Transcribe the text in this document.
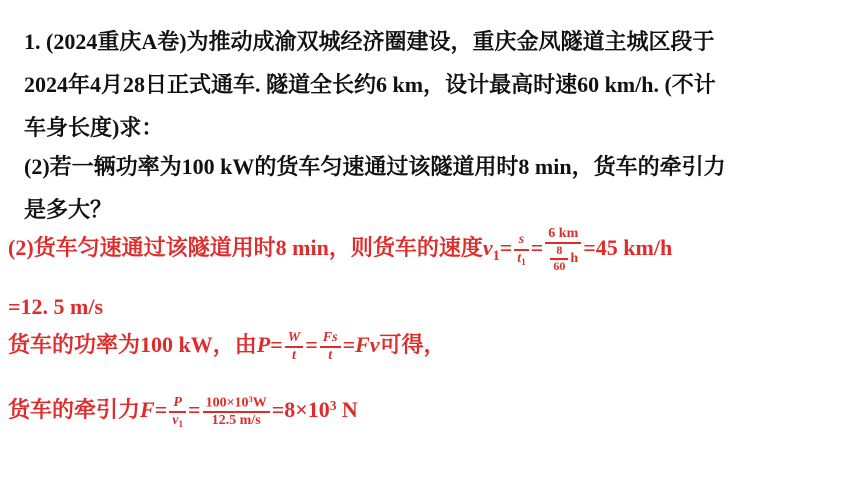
1. (2024重庆A卷)为推动成渝双城经济圈建设，重庆金凤隧道主城区段于
2024年4月28日正式通车. 隧道全长约6 km，设计最高时速60 km/h. (不计
车身长度)求：
(2)若一辆功率为100 kW的货车匀速通过该隧道用时8 min，货车的牵引力
是多大？
(2)货车匀速通过该隧道用时8 min，则货车的速度$v_1= \frac{s}{t_1} = \frac{6 km}{\frac{8}{60} h} =45$ km/h
=12. 5 m/s
货车的功率为100 kW，由$P= \frac{W}{t} = \frac{Fs}{t} =Fv$可得，
货车的牵引力$F= \frac{P}{v_1} = \frac{100\times 10^3W}{12.5 m/s} =8\times 10^3$ N
